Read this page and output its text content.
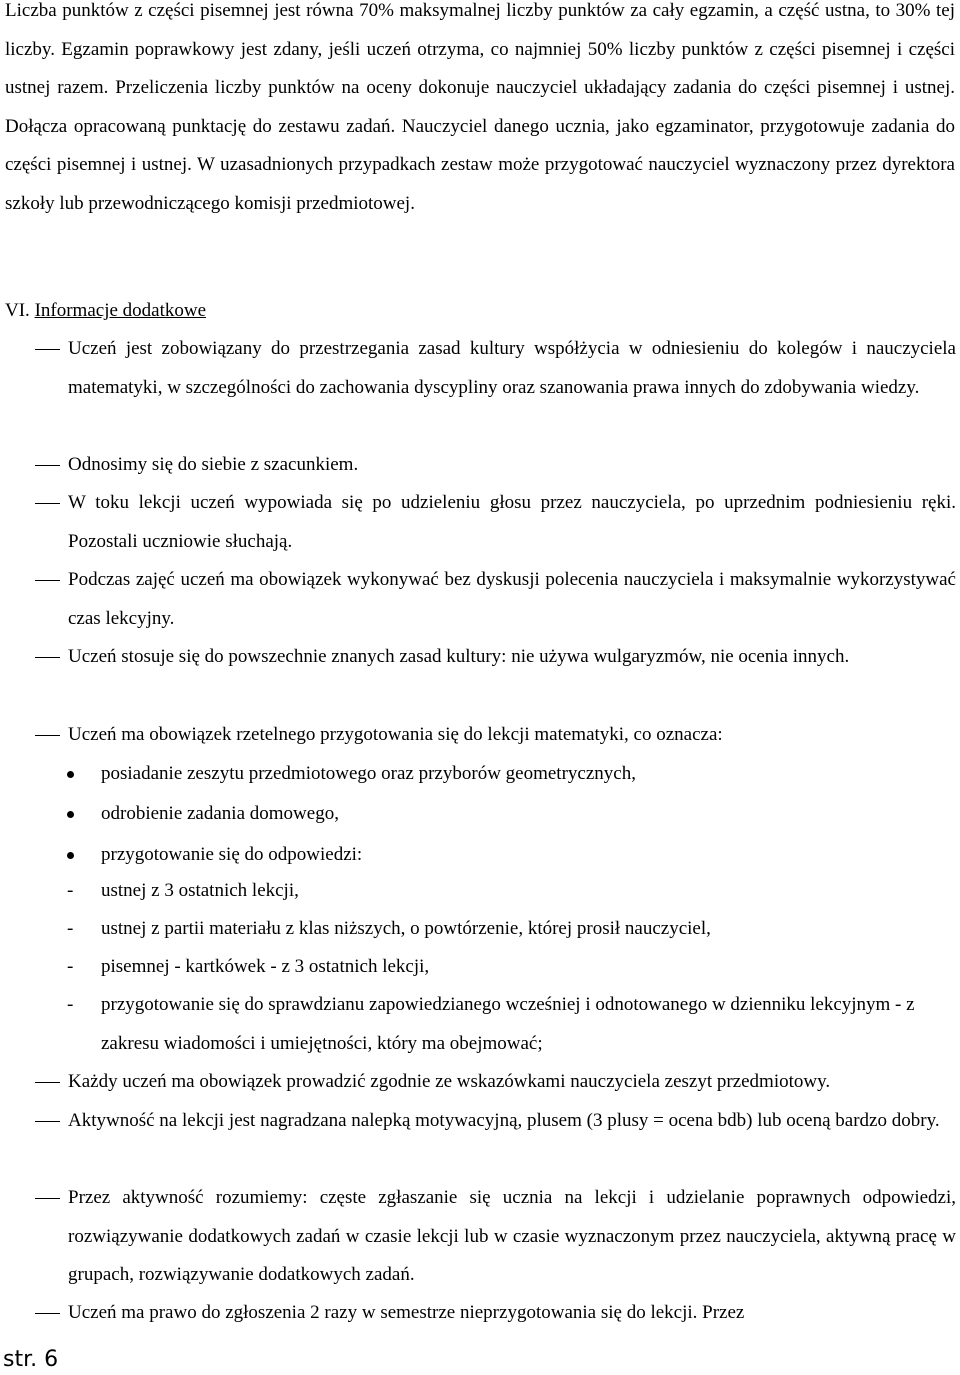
Liczba punktów z części pisemnej jest równa 70% maksymalnej liczby punktów za cały egzamin, a część ustna, to 30% tej liczby. Egzamin poprawkowy jest zdany, jeśli uczeń otrzyma, co najmniej 50% liczby punktów z części pisemnej i części ustnej razem. Przeliczenia liczby punktów na oceny dokonuje nauczyciel układający zadania do części pisemnej i ustnej. Dołącza opracowaną punktację do zestawu zadań. Nauczyciel danego ucznia, jako egzaminator, przygotowuje zadania do części pisemnej i ustnej. W uzasadnionych przypadkach zestaw może przygotować nauczyciel wyznaczony przez dyrektora szkoły lub przewodniczącego komisji przedmiotowej.

VI. Informacje dodatkowe

Uczeń jest zobowiązany do przestrzegania zasad kultury współżycia w odniesieniu do kolegów i nauczyciela matematyki, w szczególności do zachowania dyscypliny oraz szanowania prawa innych do zdobywania wiedzy.

Odnosimy się do siebie z szacunkiem.

W toku lekcji uczeń wypowiada się po udzieleniu głosu przez nauczyciela, po uprzednim podniesieniu ręki. Pozostali uczniowie słuchają.

Podczas zajęć uczeń ma obowiązek wykonywać bez dyskusji polecenia nauczyciela i maksymalnie wykorzystywać czas lekcyjny.

Uczeń stosuje się do powszechnie znanych zasad kultury: nie używa wulgaryzmów, nie ocenia innych.

Uczeń ma obowiązek rzetelnego przygotowania się do lekcji matematyki, co oznacza:

posiadanie zeszytu przedmiotowego oraz przyborów geometrycznych,

odrobienie zadania domowego,

przygotowanie się do odpowiedzi:

- ustnej z 3 ostatnich lekcji,

- ustnej z partii materiału z klas niższych, o powtórzenie, której prosił nauczyciel,

- pisemnej - kartkówek - z 3 ostatnich lekcji,

- przygotowanie się do sprawdzianu zapowiedzianego wcześniej i odnotowanego w dzienniku lekcyjnym - z zakresu wiadomości i umiejętności, który ma obejmować;

Każdy uczeń ma obowiązek prowadzić zgodnie ze wskazówkami nauczyciela zeszyt przedmiotowy.

Aktywność na lekcji jest nagradzana nalepką motywacyjną, plusem (3 plusy = ocena bdb) lub oceną bardzo dobry.

Przez aktywność rozumiemy: częste zgłaszanie się ucznia na lekcji i udzielanie poprawnych odpowiedzi, rozwiązywanie dodatkowych zadań w czasie lekcji lub w czasie wyznaczonym przez nauczyciela, aktywną pracę w grupach, rozwiązywanie dodatkowych zadań.

Uczeń ma prawo do zgłoszenia 2 razy w semestrze nieprzygotowania się do lekcji. Przez

str. 6
